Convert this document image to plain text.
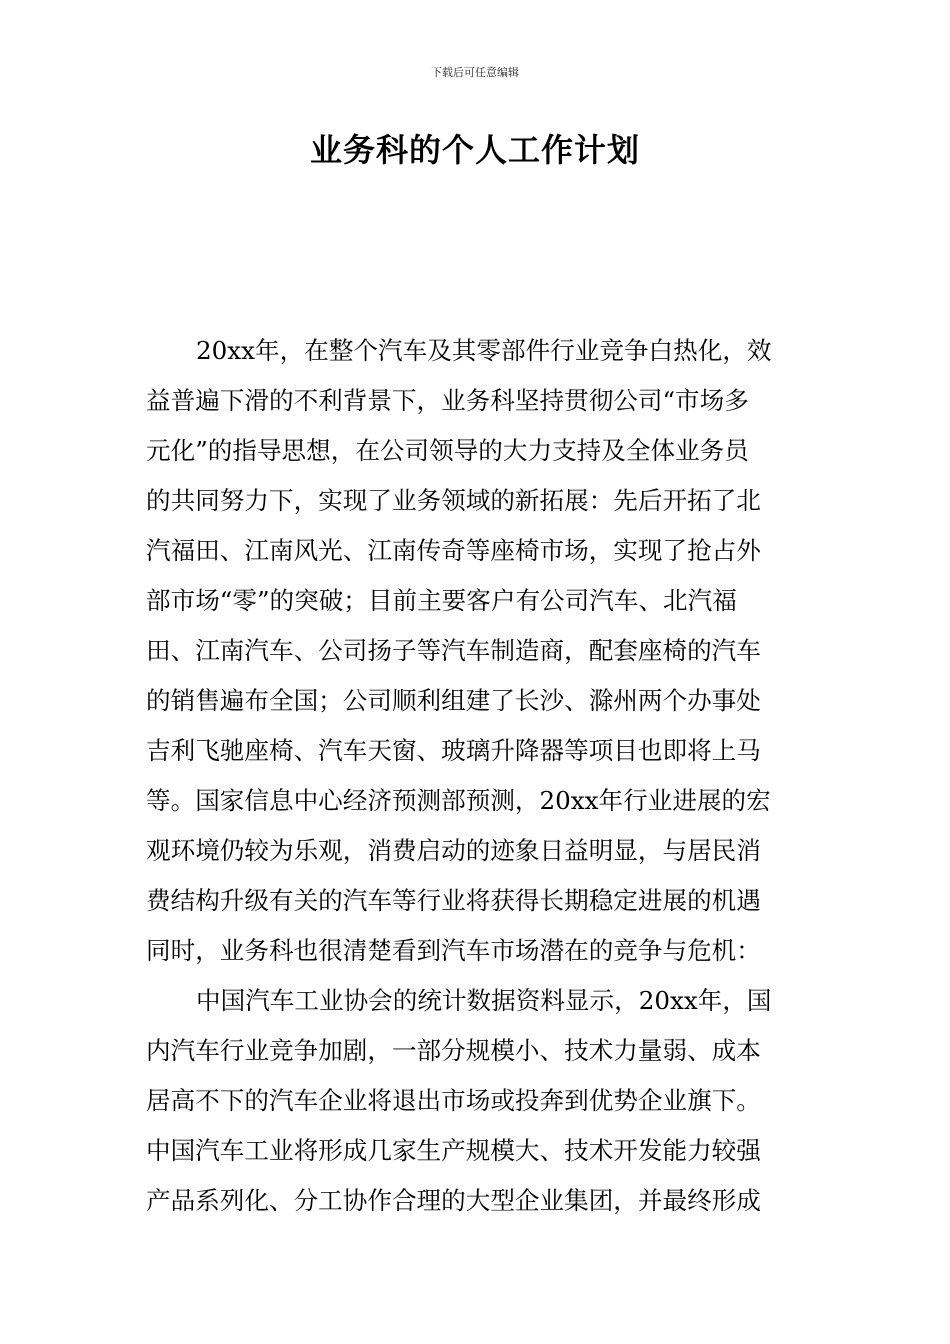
下载后可任意编辑
业务科的个人工作计划
20xx年，在整个汽车及其零部件行业竞争白热化，效
益普遍下滑的不利背景下，业务科坚持贯彻公司“市场多
元化”的指导思想，在公司领导的大力支持及全体业务员
的共同努力下，实现了业务领域的新拓展：先后开拓了北
汽福田、江南风光、江南传奇等座椅市场，实现了抢占外
部市场“零”的突破；目前主要客户有公司汽车、北汽福
田、江南汽车、公司扬子等汽车制造商，配套座椅的汽车
的销售遍布全国；公司顺利组建了长沙、滁州两个办事处
吉利飞驰座椅、汽车天窗、玻璃升降器等项目也即将上马
等。国家信息中心经济预测部预测，20xx年行业进展的宏
观环境仍较为乐观，消费启动的迹象日益明显，与居民消
费结构升级有关的汽车等行业将获得长期稳定进展的机遇
同时，业务科也很清楚看到汽车市场潜在的竞争与危机：
中国汽车工业协会的统计数据资料显示，20xx年，国
内汽车行业竞争加剧，一部分规模小、技术力量弱、成本
居高不下的汽车企业将退出市场或投奔到优势企业旗下。
中国汽车工业将形成几家生产规模大、技术开发能力较强
产品系列化、分工协作合理的大型企业集团，并最终形成
